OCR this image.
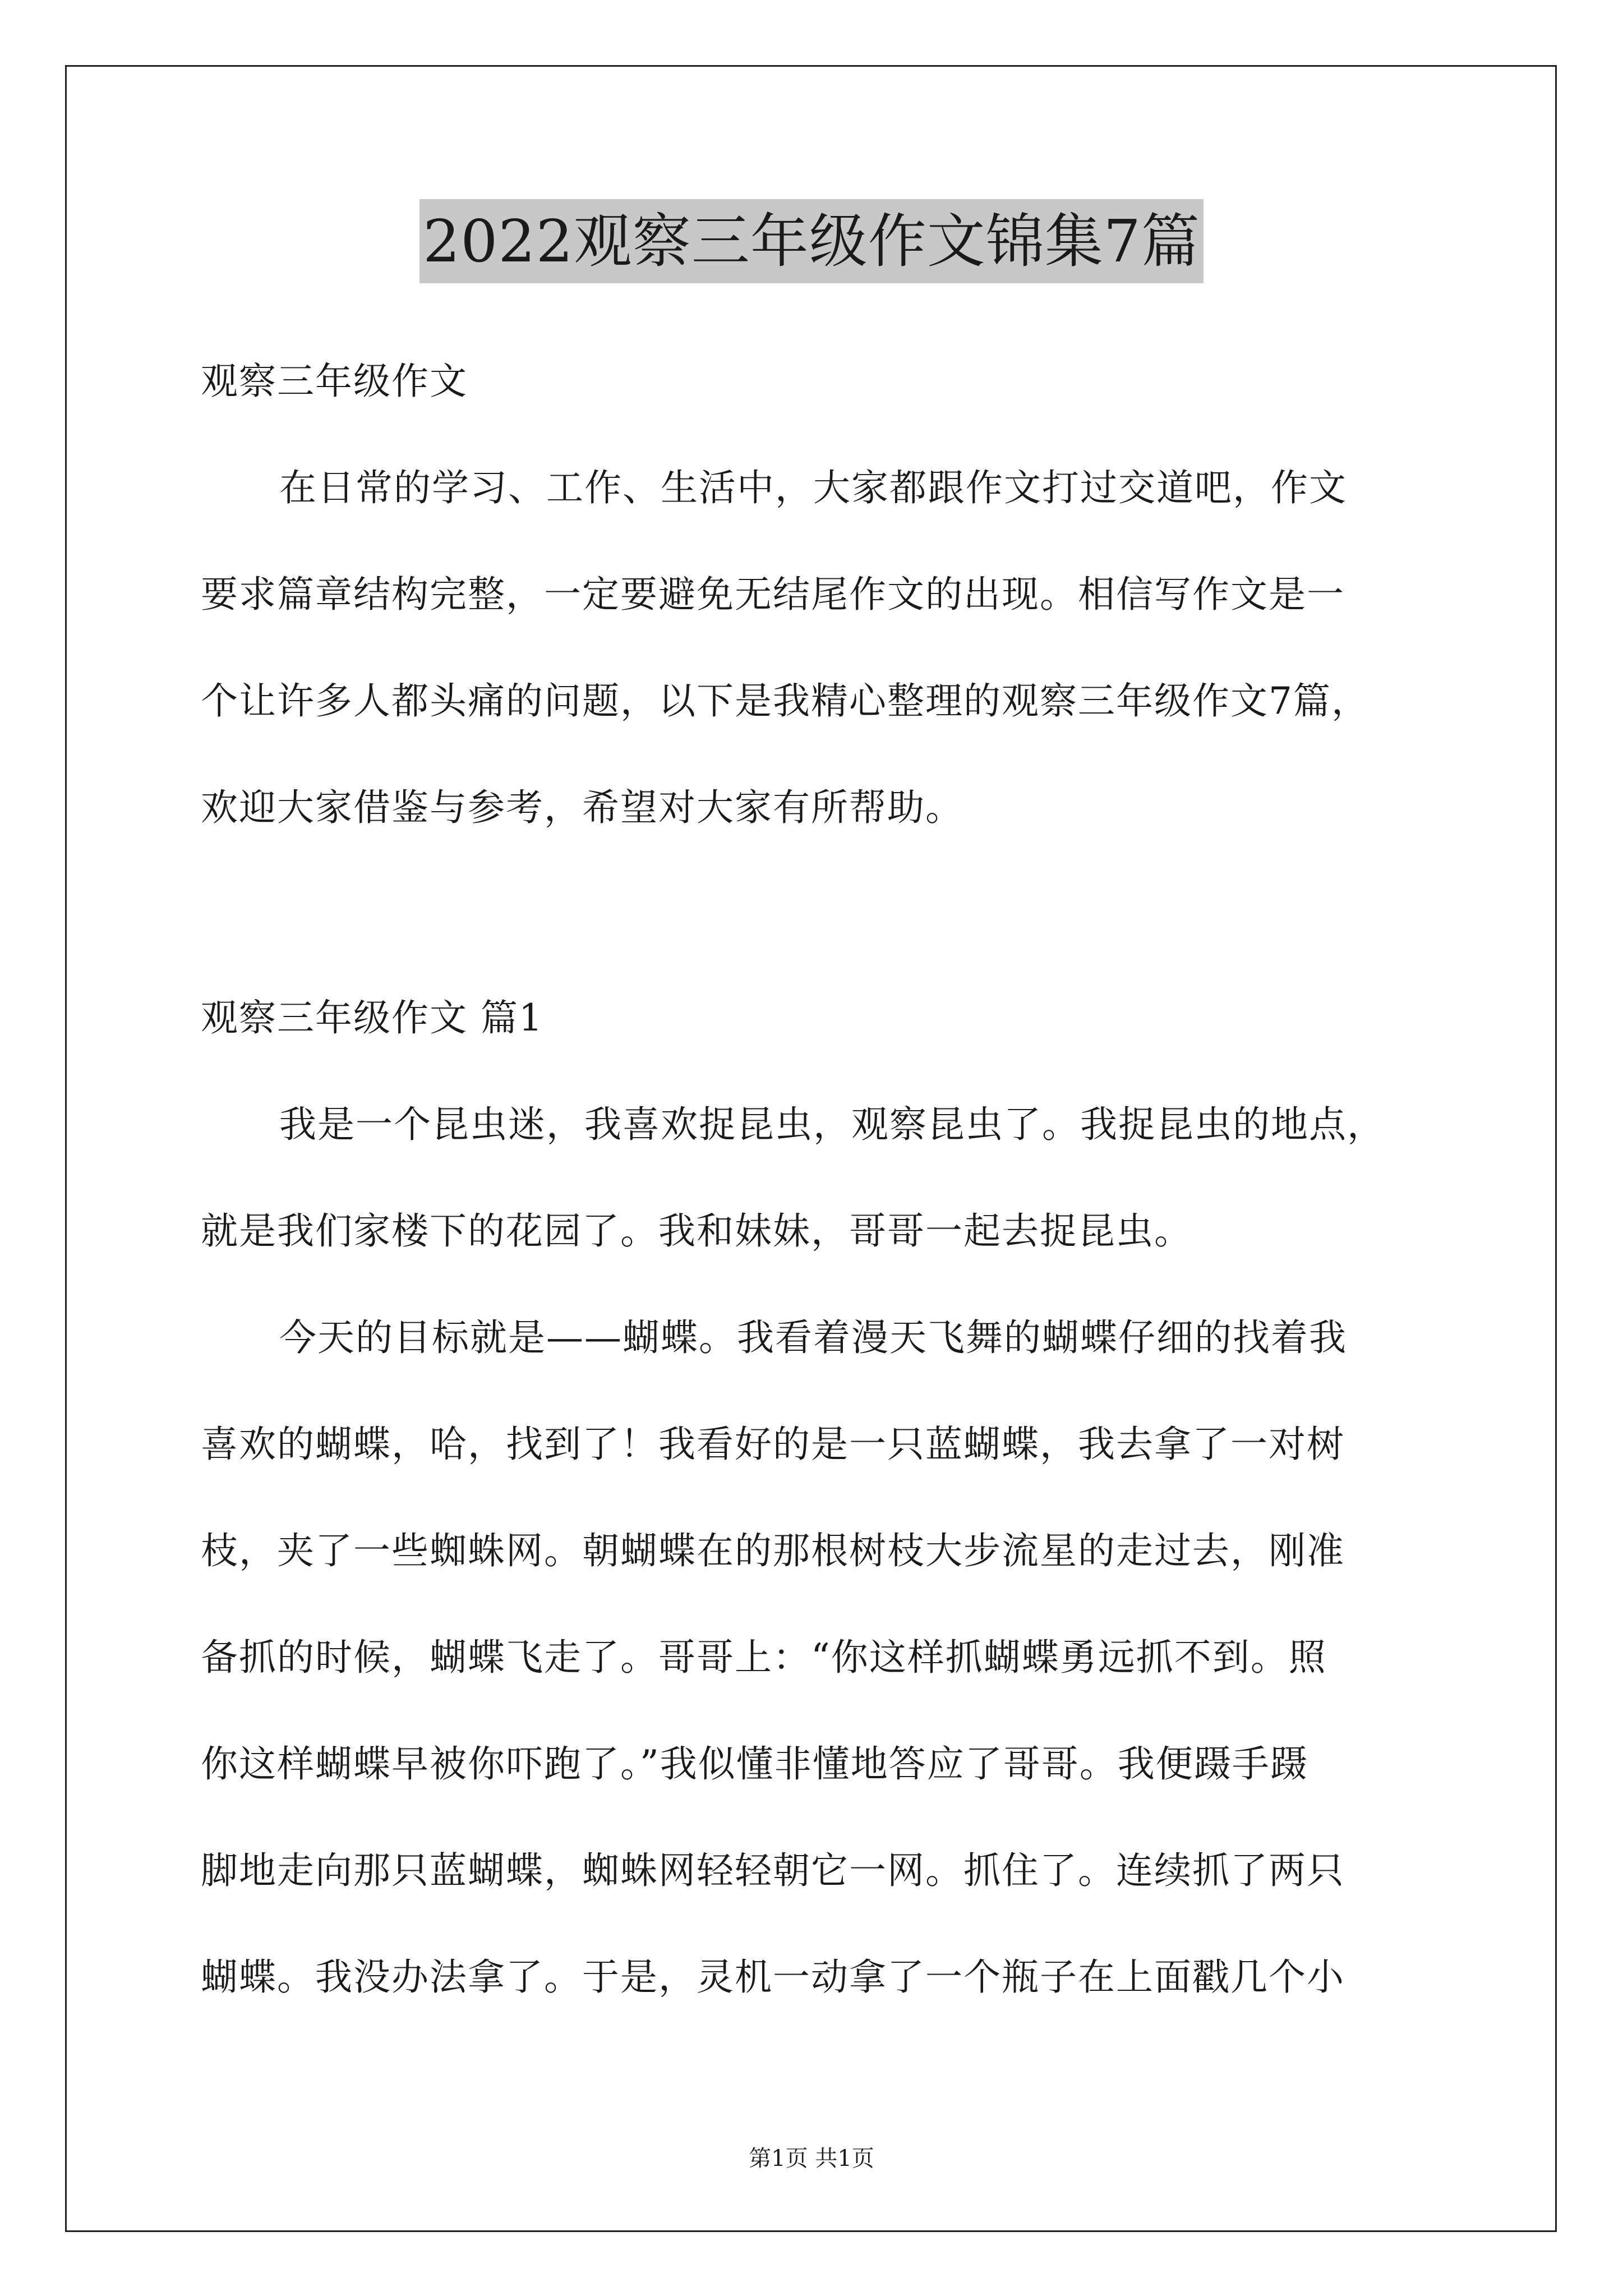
2022观察三年级作文锦集7篇
观察三年级作文
在日常的学习、工作、生活中，大家都跟作文打过交道吧，作文
要求篇章结构完整，一定要避免无结尾作文的出现。相信写作文是一
个让许多人都头痛的问题，以下是我精心整理的观察三年级作文7篇，
欢迎大家借鉴与参考，希望对大家有所帮助。
观察三年级作文 篇1
我是一个昆虫迷，我喜欢捉昆虫，观察昆虫了。我捉昆虫的地点，
就是我们家楼下的花园了。我和妹妹，哥哥一起去捉昆虫。
今天的目标就是——蝴蝶。我看着漫天飞舞的蝴蝶仔细的找着我
喜欢的蝴蝶，哈，找到了！我看好的是一只蓝蝴蝶，我去拿了一对树
枝，夹了一些蜘蛛网。朝蝴蝶在的那根树枝大步流星的走过去，刚准
备抓的时候，蝴蝶飞走了。哥哥上：“你这样抓蝴蝶勇远抓不到。照
你这样蝴蝶早被你吓跑了。”我似懂非懂地答应了哥哥。我便蹑手蹑
脚地走向那只蓝蝴蝶，蜘蛛网轻轻朝它一网。抓住了。连续抓了两只
蝴蝶。我没办法拿了。于是，灵机一动拿了一个瓶子在上面戳几个小
第1页 共1页
